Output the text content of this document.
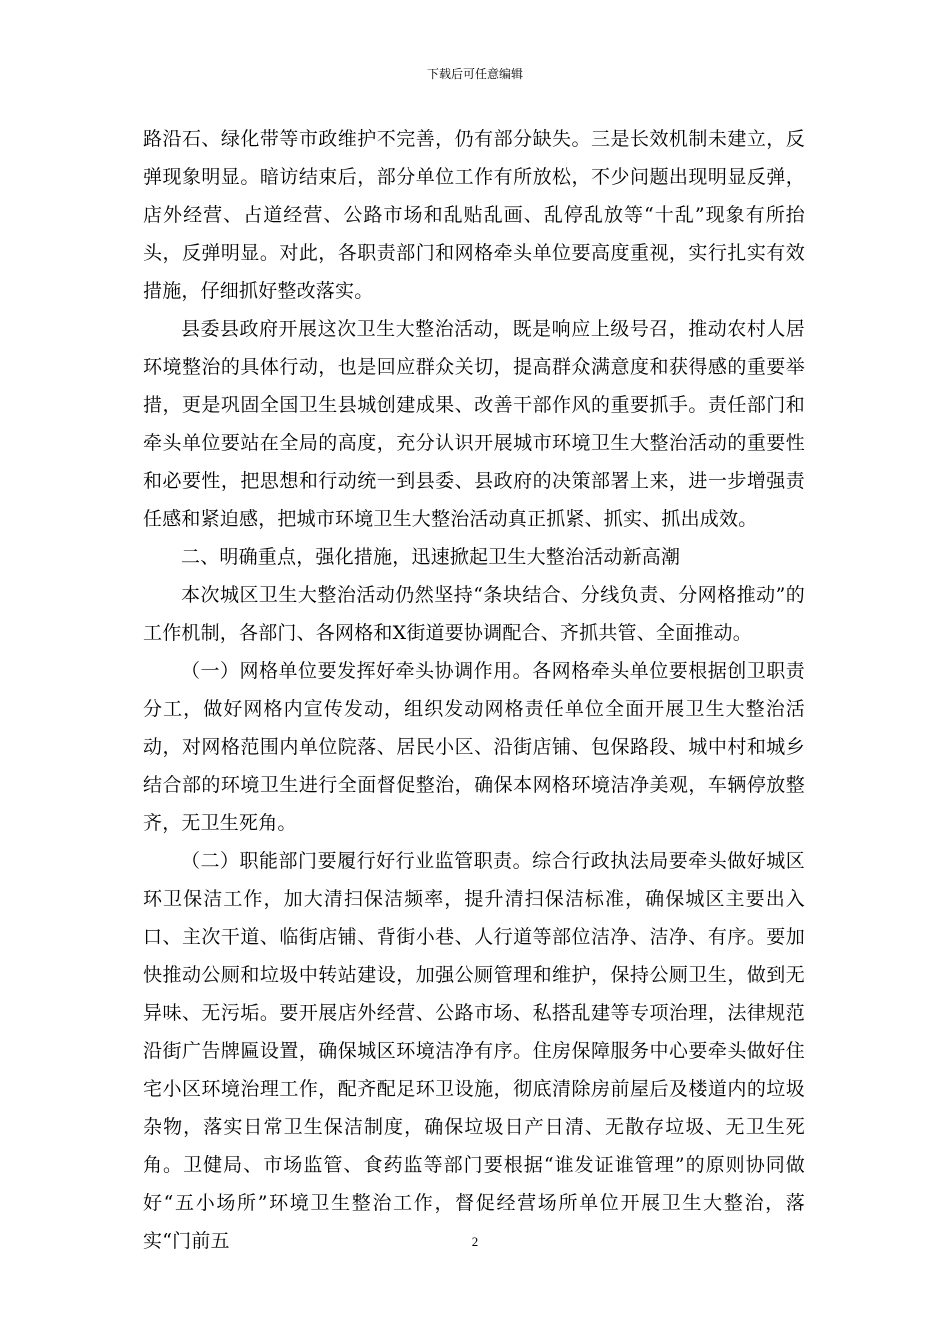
下载后可任意编辑

路沿石、绿化带等市政维护不完善，仍有部分缺失。三是长效机制未建立，反弹现象明显。暗访结束后，部分单位工作有所放松，不少问题出现明显反弹，店外经营、占道经营、公路市场和乱贴乱画、乱停乱放等“十乱”现象有所抬头，反弹明显。对此，各职责部门和网格牵头单位要高度重视，实行扎实有效措施，仔细抓好整改落实。

县委县政府开展这次卫生大整治活动，既是响应上级号召，推动农村人居环境整治的具体行动，也是回应群众关切，提高群众满意度和获得感的重要举措，更是巩固全国卫生县城创建成果、改善干部作风的重要抓手。责任部门和牵头单位要站在全局的高度，充分认识开展城市环境卫生大整治活动的重要性和必要性，把思想和行动统一到县委、县政府的决策部署上来，进一步增强责任感和紧迫感，把城市环境卫生大整治活动真正抓紧、抓实、抓出成效。

二、明确重点，强化措施，迅速掀起卫生大整治活动新高潮

本次城区卫生大整治活动仍然坚持“条块结合、分线负责、分网格推动”的工作机制，各部门、各网格和X街道要协调配合、齐抓共管、全面推动。

（一）网格单位要发挥好牵头协调作用。各网格牵头单位要根据创卫职责分工，做好网格内宣传发动，组织发动网格责任单位全面开展卫生大整治活动，对网格范围内单位院落、居民小区、沿街店铺、包保路段、城中村和城乡结合部的环境卫生进行全面督促整治，确保本网格环境洁净美观，车辆停放整齐，无卫生死角。

（二）职能部门要履行好行业监管职责。综合行政执法局要牵头做好城区环卫保洁工作，加大清扫保洁频率，提升清扫保洁标准，确保城区主要出入口、主次干道、临街店铺、背街小巷、人行道等部位洁净、洁净、有序。要加快推动公厕和垃圾中转站建设，加强公厕管理和维护，保持公厕卫生，做到无异味、无污垢。要开展店外经营、公路市场、私搭乱建等专项治理，法律规范沿街广告牌匾设置，确保城区环境洁净有序。住房保障服务中心要牵头做好住宅小区环境治理工作，配齐配足环卫设施，彻底清除房前屋后及楼道内的垃圾杂物，落实日常卫生保洁制度，确保垃圾日产日清、无散存垃圾、无卫生死角。卫健局、市场监管、食药监等部门要根据“谁发证谁管理”的原则协同做好“五小场所”环境卫生整治工作，督促经营场所单位开展卫生大整治，落实“门前五	2
